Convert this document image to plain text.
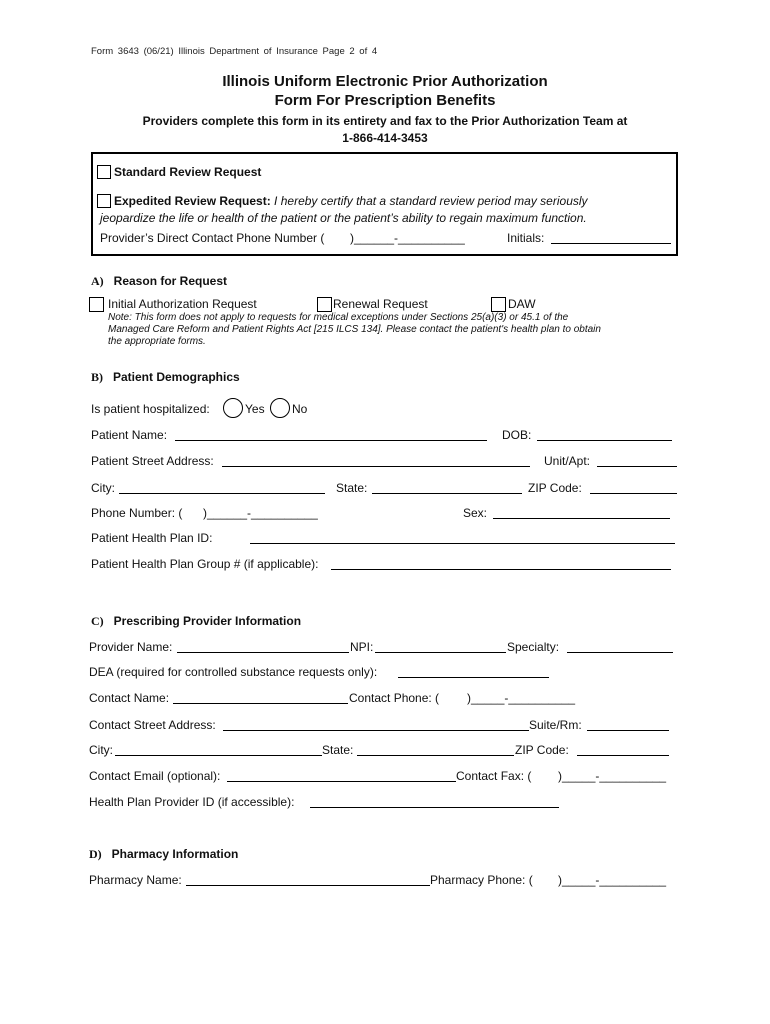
Form 3643 (06/21) Illinois Department of Insurance Page 2 of 4
Illinois Uniform Electronic Prior Authorization
Form For Prescription Benefits
Providers complete this form in its entirety and fax to the Prior Authorization Team at
1-866-414-3453
Standard Review Request
Expedited Review Request: I hereby certify that a standard review period may seriously
jeopardize the life or health of the patient or the patient’s ability to regain maximum function.
Provider’s Direct Contact Phone Number ( )______-__________	Initials:
A) Reason for Request
Initial Authorization Request	Renewal Request	DAW
Note: This form does not apply to requests for medical exceptions under Sections 25(a)(3) or 45.1 of the
Managed Care Reform and Patient Rights Act [215 ILCS 134]. Please contact the patient's health plan to obtain
the appropriate forms.
B) Patient Demographics
Is patient hospitalized:	Yes No
Patient Name:	DOB:
Patient Street Address:	Unit/Apt:
City:	State:	ZIP Code:
Phone Number: ( )______-__________	Sex:
Patient Health Plan ID:
Patient Health Plan Group # (if applicable):
C) Prescribing Provider Information
Provider Name:	NPI:	Specialty:
DEA (required for controlled substance requests only):
Contact Name:	Contact Phone: ( )_____-__________
Contact Street Address:	Suite/Rm:
City:	State:	ZIP Code:
Contact Email (optional):	Contact Fax: ( )_____-__________
Health Plan Provider ID (if accessible):
D) Pharmacy Information
Pharmacy Name:	Pharmacy Phone: ( )_____-__________
